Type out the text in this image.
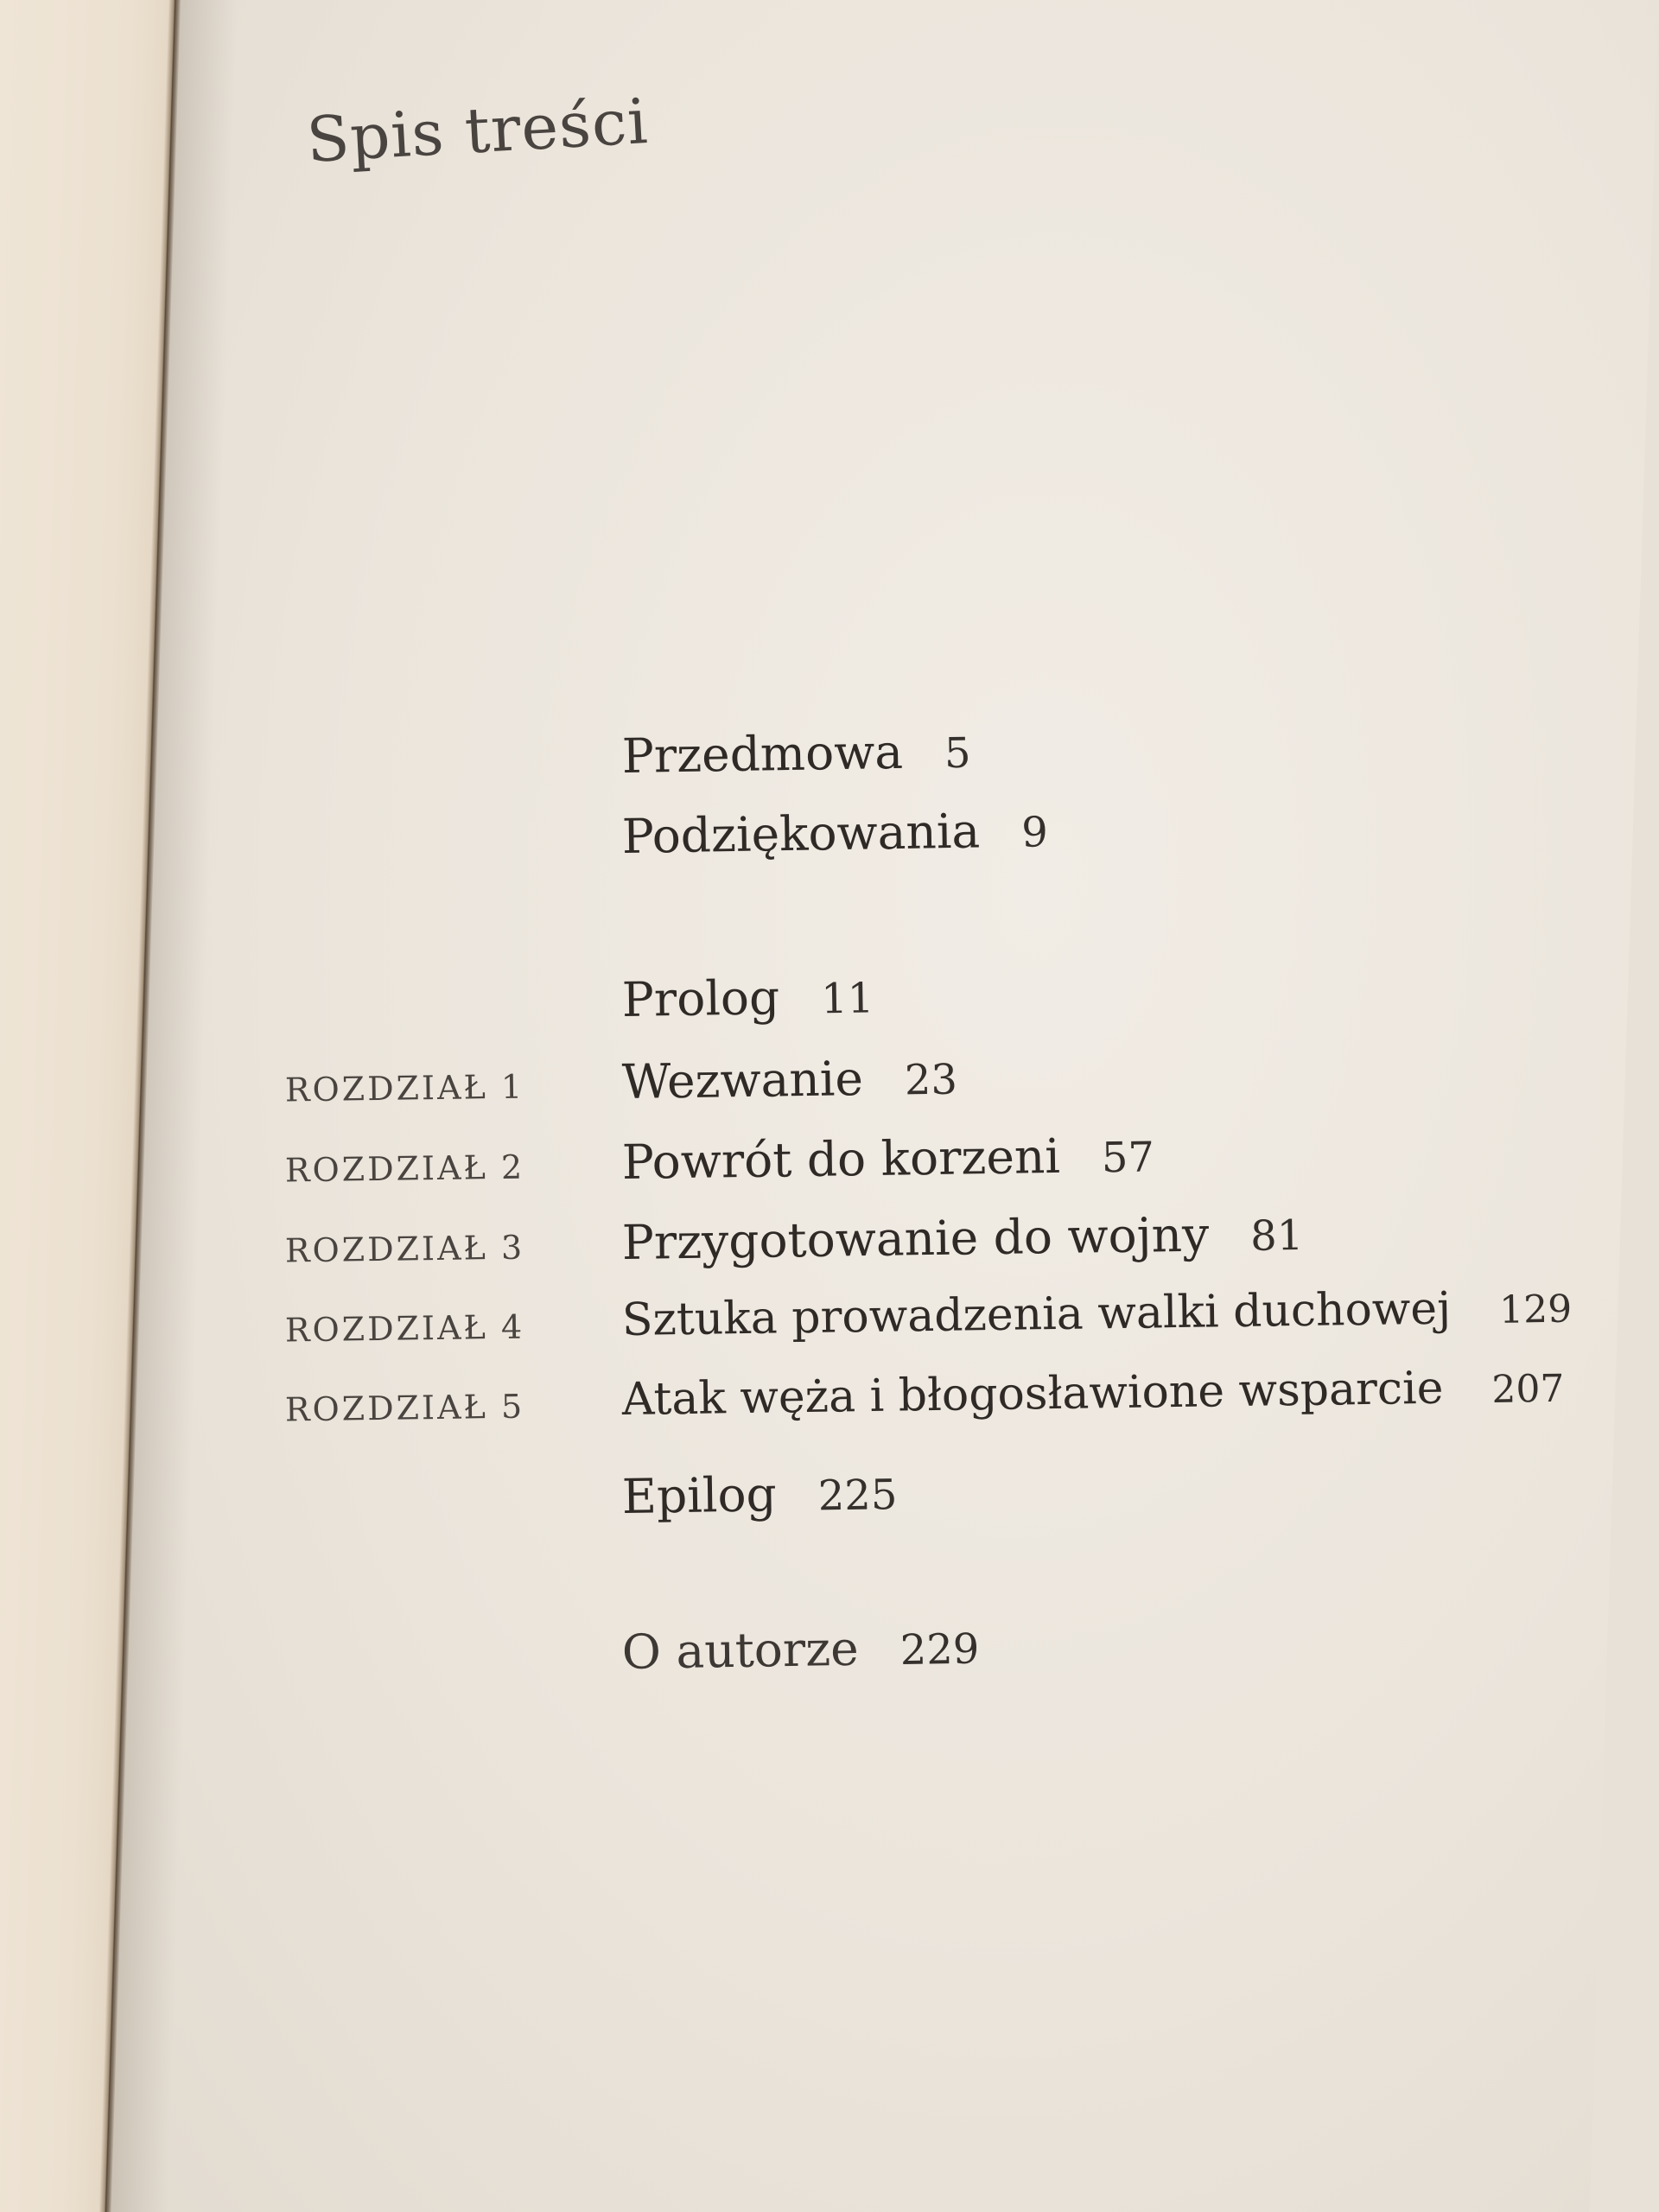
Spis treści
Przedmowa 5
Podziękowania 9
Prolog 11
ROZDZIAŁ 1 Wezwanie 23
ROZDZIAŁ 2 Powrót do korzeni 57
ROZDZIAŁ 3 Przygotowanie do wojny 81
ROZDZIAŁ 4 Sztuka prowadzenia walki duchowej 129
ROZDZIAŁ 5 Atak węża i błogosławione wsparcie 207
Epilog 225
O autorze 229
